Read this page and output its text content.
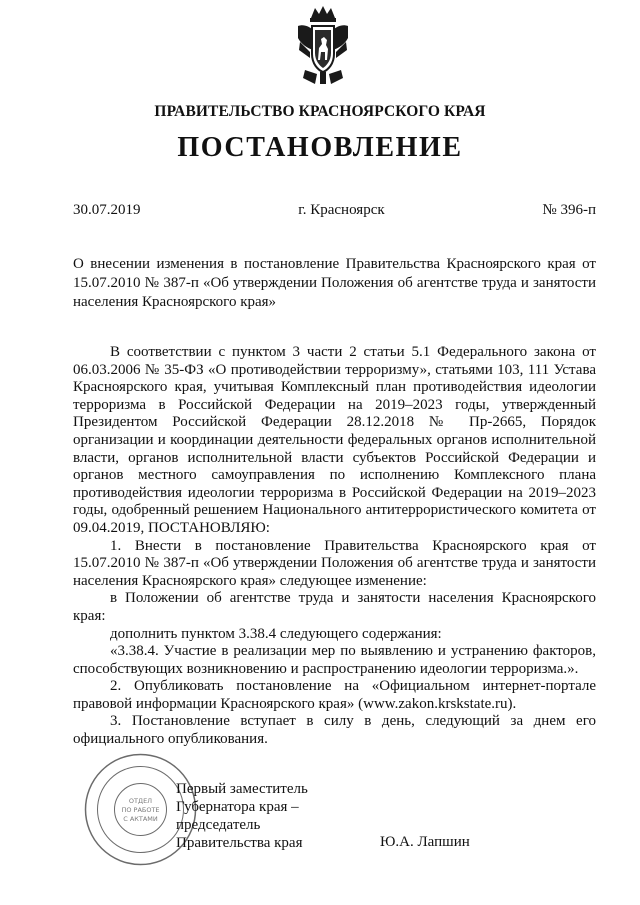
ПРАВИТЕЛЬСТВО КРАСНОЯРСКОГО КРАЯ
ПОСТАНОВЛЕНИЕ
30.07.2019	г. Красноярск	№ 396-п
О внесении изменения в постановление Правительства Красноярского края от 15.07.2010 № 387-п «Об утверждении Положения об агентстве труда и занятости населения Красноярского края»

В соответствии с пунктом 3 части 2 статьи 5.1 Федерального закона от 06.03.2006 № 35-ФЗ «О противодействии терроризму», статьями 103, 111 Устава Красноярского края, учитывая Комплексный план противодействия идеологии терроризма в Российской Федерации на 2019–2023 годы, утвержденный Президентом Российской Федерации 28.12.2018 № Пр-2665, Порядок организации и координации деятельности федеральных органов исполнительной власти, органов исполнительной власти субъектов Российской Федерации и органов местного самоуправления по исполнению Комплексного плана противодействия идеологии терроризма в Российской Федерации на 2019–2023 годы, одобренный решением Национального антитеррористического комитета от 09.04.2019, ПОСТАНОВЛЯЮ:

1. Внести в постановление Правительства Красноярского края от 15.07.2010 № 387-п «Об утверждении Положения об агентстве труда и занятости населения Красноярского края» следующее изменение:

в Положении об агентстве труда и занятости населения Красноярского края:

дополнить пунктом 3.38.4 следующего содержания:

«3.38.4. Участие в реализации мер по выявлению и устранению факторов, способствующих возникновению и распространению идеологии терроризма.».

2. Опубликовать постановление на «Официальном интернет-портале правовой информации Красноярского края» (www.zakon.krskstate.ru).

3. Постановление вступает в силу в день, следующий за днем его официального опубликования.

ОТДЕЛ
ПО РАБОТЕ
С АКТАМИ
Первый заместитель
Губернатора края –
председатель
Правительства края	Ю.А. Лапшин
